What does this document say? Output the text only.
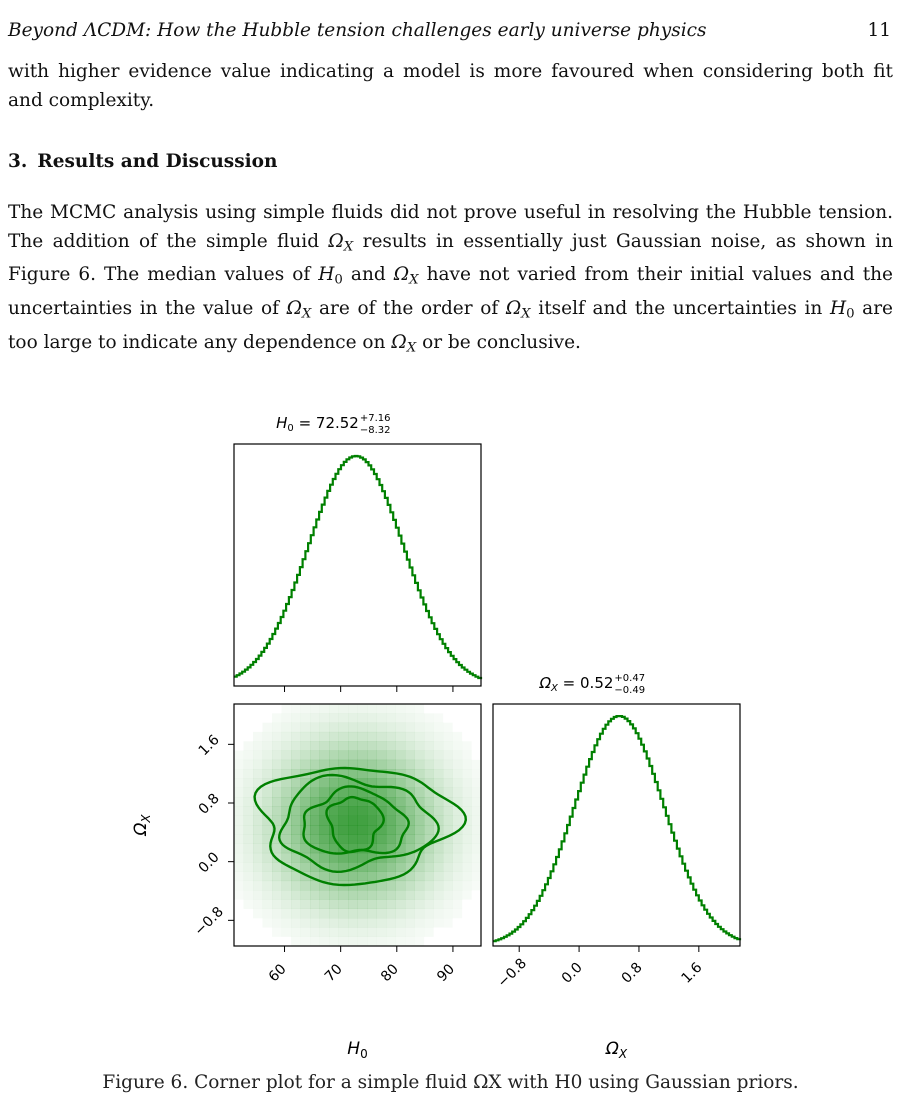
Beyond ΛCDM: How the Hubble tension challenges early universe physics	11

with higher evidence value indicating a model is more favoured when considering both fit and complexity.

3. Results and Discussion

The MCMC analysis using simple fluids did not prove useful in resolving the Hubble tension. The addition of the simple fluid $\Omega_X$ results in essentially just Gaussian noise, as shown in Figure 6. The median values of $H_0$ and $\Omega_X$ have not varied from their initial values and the uncertainties in the value of $\Omega_X$ are of the order of $\Omega_X$ itself and the uncertainties in $H_0$ are too large to indicate any dependence on $\Omega_X$ or be conclusive.

60 70 80 90	−0.8 0.0 0.8 1.6
−0.8
0.0
0.8
1.6
$H_0 = 72.52 +7.16$
−8.32
$\Omega_X = 0.52 +0.47$
−0.49
$H_0$	$\Omega_X$
$\Omega_X$
Figure 6. Corner plot for a simple fluid ΩX with H0 using Gaussian priors.
